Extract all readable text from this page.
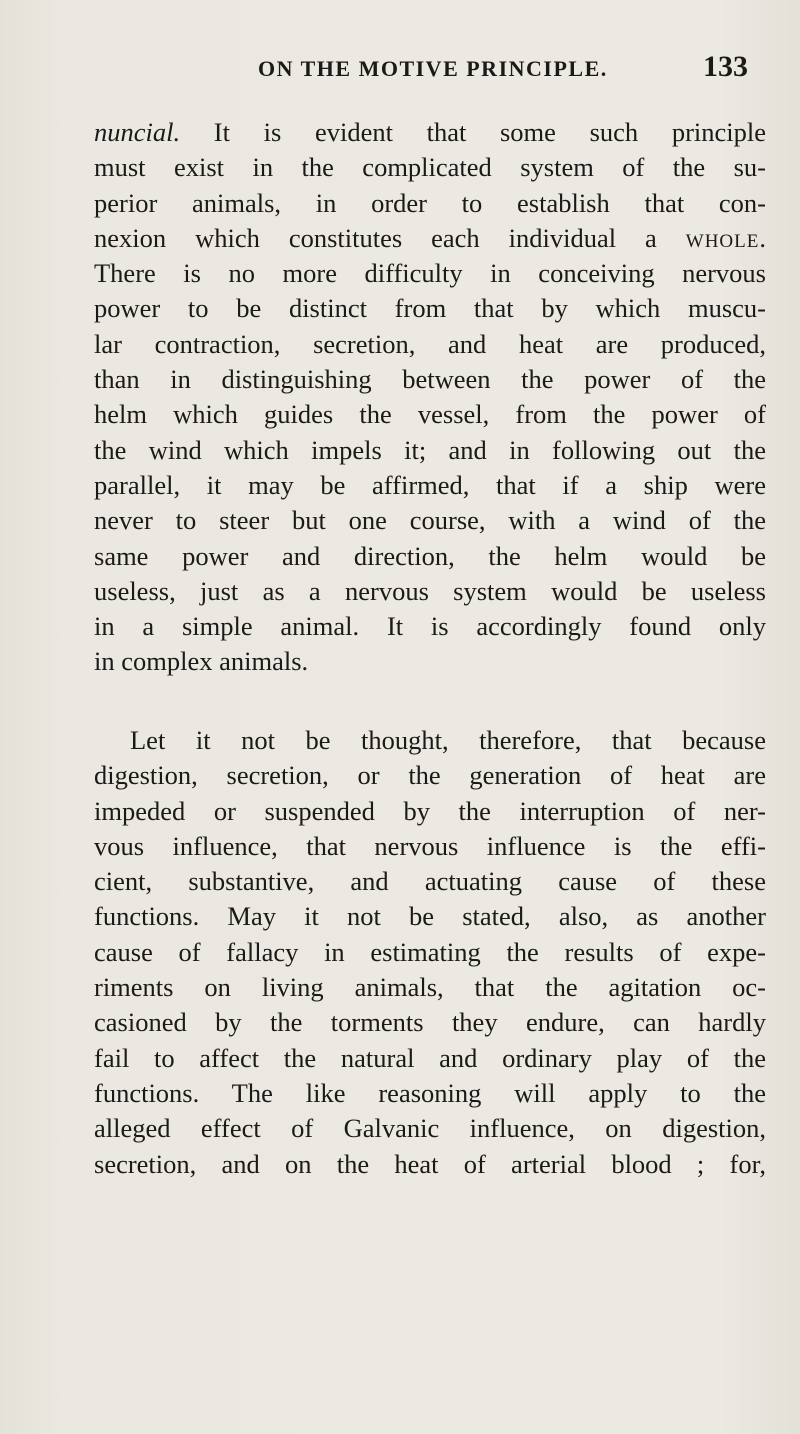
ON THE MOTIVE PRINCIPLE.	133
nuncial. It is evident that some such principle
must exist in the complicated system of the su-
perior animals, in order to establish that con-
nexion which constitutes each individual a whole.
There is no more difficulty in conceiving nervous
power to be distinct from that by which muscu-
lar contraction, secretion, and heat are produced,
than in distinguishing between the power of the
helm which guides the vessel, from the power of
the wind which impels it; and in following out the
parallel, it may be affirmed, that if a ship were
never to steer but one course, with a wind of the
same power and direction, the helm would be
useless, just as a nervous system would be useless
in a simple animal. It is accordingly found only
in complex animals.
Let it not be thought, therefore, that because
digestion, secretion, or the generation of heat are
impeded or suspended by the interruption of ner-
vous influence, that nervous influence is the effi-
cient, substantive, and actuating cause of these
functions. May it not be stated, also, as another
cause of fallacy in estimating the results of expe-
riments on living animals, that the agitation oc-
casioned by the torments they endure, can hardly
fail to affect the natural and ordinary play of the
functions. The like reasoning will apply to the
alleged effect of Galvanic influence, on digestion,
secretion, and on the heat of arterial blood ; for,
